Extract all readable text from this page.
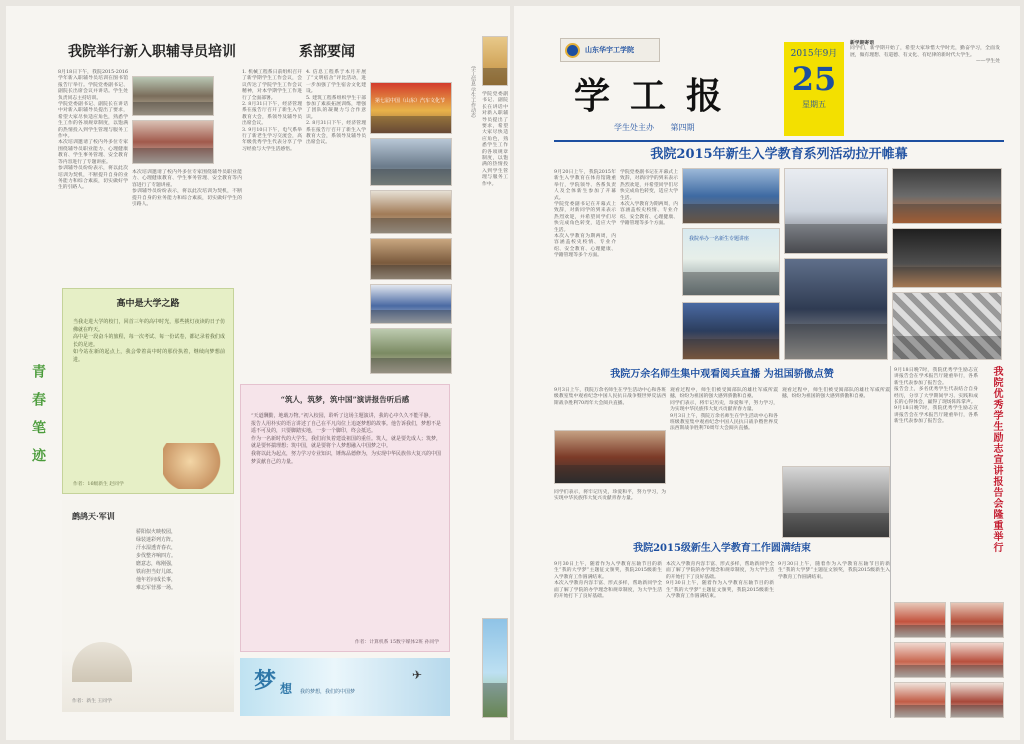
我院举行新入职辅导员培训

8月18日下午，我院2015-2016学年新入职辅导员培训在图书馆报告厅举行。学院党委副书记、副院长出席会议并讲话。学生处负责同志主持培训。

学院党委副书记、副院长在讲话中对新入职辅导员提出了要求，希望大家尽快适应角色，熟悉学生工作的各项规章制度，以饱满的热情投入到学生管理与服务工作中。

本次培训邀请了校内外多位专家围绕辅导员职业能力、心理健康教育、学生事务管理、安全教育等内容进行了专题讲座。

参训辅导员纷纷表示，将以此次培训为契机，不断提升自身的业务能力和综合素质，切实做好学生的引路人。

本次培训邀请了校内外多位专家围绕辅导员职业能力、心理健康教育、学生事务管理、安全教育等内容进行了专题讲座。

参训辅导员纷纷表示，将以此次培训为契机，不断提升自身的业务能力和综合素质，切实做好学生的引路人。

系部要闻

1. 机械工程系日前组织召开了新学期学生工作会议，会议传达了学院学生工作会议精神，对本学期学生工作进行了全面部署。

2. 8月31日下午，经济管理系在报告厅召开了新生入学教育大会，系领导及辅导员出席会议。

3. 9月10日下午，电气系举行了新老生学习交流会，高年级优秀学生代表分享了学习经验与大学生活感悟。

4. 信息工程系于本月开展了“文明宿舍”评比活动，进一步加强了学生宿舍文化建设。

5. 建筑工程系组织学生干部参加了素质拓展训练，增强了团队的凝聚力与合作意识。

2. 8月31日下午，经济管理系在报告厅召开了新生入学教育大会，系领导及辅导员出席会议。

第七届中国（山东）汽车文化节	学工信息 学生工作动态
高中是大学之路

当我走进大学的校门，回首三年的高中时光，那些挑灯夜读的日子仿佛就在昨天。

高中是一段奋斗的旅程，每一次考试、每一份试卷，都记录着我们成长的足迹。

如今站在新的起点上，我会带着高中时的那份执着，继续向梦想前进。

作者：16级新生 赵同学
青春笔迹
鹧鸪天·军训
骄阳似火映校园，
绿装迷彩列方阵。
汗水湿透青春衣，
步伐整齐响四方。
磨意志，练刚强，
铁肩担当好儿郎。
他年若问成长事，
难忘军营那一场。
作者：新生 王同学
“筑人，筑梦，筑中国”演讲报告听后感

“天道酬勤，地载万物。”初入校园，聆听了这场主题演讲，我的心中久久不能平静。

报告人用朴实的语言讲述了自己在平凡岗位上追逐梦想的故事。他告诉我们，梦想不是遥不可及的，只要脚踏实地，一步一个脚印，终会抵达。

作为一名新时代的大学生，我们肩负着建设祖国的重任。筑人，就是要先成人；筑梦，就是要怀揣理想；筑中国，就是要将个人梦想融入中国梦之中。

我将以此为起点，努力学习专业知识，锤炼品德修为，为实现中华民族伟大复兴的中国梦贡献自己的力量。

作者：计算机系 15数字媒体2班 孙同学
梦 想 我的梦想，我们的中国梦
✈

学院党委副书记、副院长在讲话中对新入职辅导员提出了要求，希望大家尽快适应角色，熟悉学生工作的各项规章制度，以饱满的热情投入到学生管理与服务工作中。

山东华宇工学院
学工报
学生处主办 第四期
2015年9月
25
星期五

新学期寄语

同学们，新学期开始了，希望大家珍惜大学时光，勤奋学习，全面发展，做有理想、有道德、有文化、有纪律的新时代大学生。

——学生处

我院2015年新生入学教育系列活动拉开帷幕

9月20日上午，我院2015年新生入学教育在体育馆隆重举行，学院领导、各系负责人及全体新生参加了开幕式。

学院党委副书记在开幕式上致辞，对新同学的到来表示热烈欢迎，并希望同学们尽快完成角色转变，适应大学生活。

本次入学教育为期两周，内容涵盖校史校情、专业介绍、安全教育、心理健康、学籍管理等多个方面。

学院党委副书记在开幕式上致辞，对新同学的到来表示热烈欢迎，并希望同学们尽快完成角色转变，适应大学生活。

本次入学教育为期两周，内容涵盖校史校情、专业介绍、安全教育、心理健康、学籍管理等多个方面。

我院举办一名新生专题讲座
我院万余名师生集中观看阅兵直播 为祖国骄傲点赞

9月3日上午，我院万余名师生在学生活动中心和各班级教室集中观看纪念中国人民抗日战争暨世界反法西斯战争胜利70周年大会阅兵直播。

同学们表示，将牢记历史，珍爱和平，努力学习，为实现中华民族伟大复兴贡献青春力量。

观看过程中，师生们被受阅部队的雄壮军威所震撼，纷纷为祖国的强大感到骄傲和自豪。

同学们表示，将牢记历史，珍爱和平，努力学习，为实现中华民族伟大复兴贡献青春力量。

9月3日上午，我院万余名师生在学生活动中心和各班级教室集中观看纪念中国人民抗日战争暨世界反法西斯战争胜利70周年大会阅兵直播。

观看过程中，师生们被受阅部队的雄壮军威所震撼，纷纷为祖国的强大感到骄傲和自豪。

我院2015级新生入学教育工作圆满结束

9月30日上午，随着作为入学教育压轴节目的新生“我的大学梦”主题征文颁奖，我院2015级新生入学教育工作圆满结束。

本次入学教育内容丰富、形式多样，帮助新同学全面了解了学院的办学理念和规章制度，为大学生活的开始打下了良好基础。

本次入学教育内容丰富、形式多样，帮助新同学全面了解了学院的办学理念和规章制度，为大学生活的开始打下了良好基础。

9月30日上午，随着作为入学教育压轴节目的新生“我的大学梦”主题征文颁奖，我院2015级新生入学教育工作圆满结束。

9月30日上午，随着作为入学教育压轴节目的新生“我的大学梦”主题征文颁奖，我院2015级新生入学教育工作圆满结束。

我院优秀学生励志宣讲报告会隆重举行

9月18日晚7时，我院优秀学生励志宣讲报告会在学术报告厅隆重举行，各系新生代表参加了报告会。

报告会上，多名优秀学生代表结合自身经历，分享了大学期间学习、实践和成长的心得体会，赢得了现场阵阵掌声。

9月18日晚7时，我院优秀学生励志宣讲报告会在学术报告厅隆重举行，各系新生代表参加了报告会。
